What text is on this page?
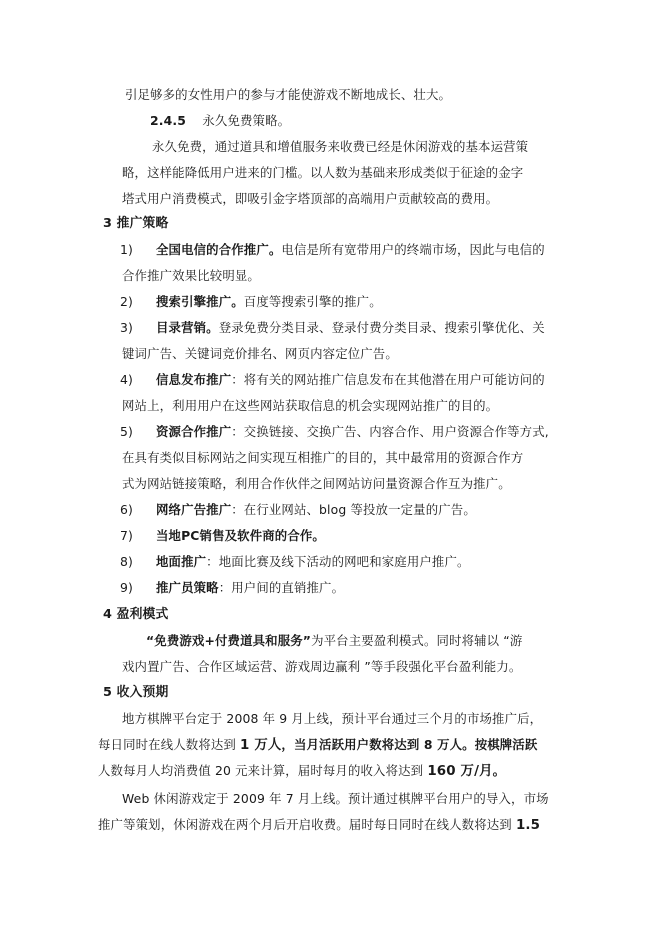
引足够多的女性用户的参与才能使游戏不断地成长、壮大。
2.4.5 永久免费策略。
永久免费，通过道具和增值服务来收费已经是休闲游戏的基本运营策
略，这样能降低用户进来的门槛。以人数为基础来形成类似于征途的金字
塔式用户消费模式，即吸引金字塔顶部的高端用户贡献较高的费用。
3 推广策略
1) 全国电信的合作推广。电信是所有宽带用户的终端市场，因此与电信的
合作推广效果比较明显。
2) 搜索引擎推广。百度等搜索引擎的推广。
3) 目录营销。登录免费分类目录、登录付费分类目录、搜索引擎优化、关
键词广告、关键词竞价排名、网页内容定位广告。
4) 信息发布推广：将有关的网站推广信息发布在其他潜在用户可能访问的
网站上，利用用户在这些网站获取信息的机会实现网站推广的目的。
5) 资源合作推广：交换链接、交换广告、内容合作、用户资源合作等方式,
在具有类似目标网站之间实现互相推广的目的，其中最常用的资源合作方
式为网站链接策略，利用合作伙伴之间网站访问量资源合作互为推广。
6) 网络广告推广：在行业网站、blog 等投放一定量的广告。
7) 当地PC销售及软件商的合作。
8) 地面推广：地面比赛及线下活动的网吧和家庭用户推广。
9) 推广员策略：用户间的直销推广。
4 盈利模式
“免费游戏+付费道具和服务”为平台主要盈利模式。同时将辅以 “游
戏内置广告、合作区域运营、游戏周边赢利 ”等手段强化平台盈利能力。
5 收入预期
地方棋牌平台定于 2008 年 9 月上线，预计平台通过三个月的市场推广后，
每日同时在线人数将达到 1 万人，当月活跃用户数将达到 8 万人。按棋牌活跃
人数每月人均消费值 20 元来计算，届时每月的收入将达到 160 万/月。
Web 休闲游戏定于 2009 年 7 月上线。预计通过棋牌平台用户的导入，市场
推广等策划，休闲游戏在两个月后开启收费。届时每日同时在线人数将达到 1.5
